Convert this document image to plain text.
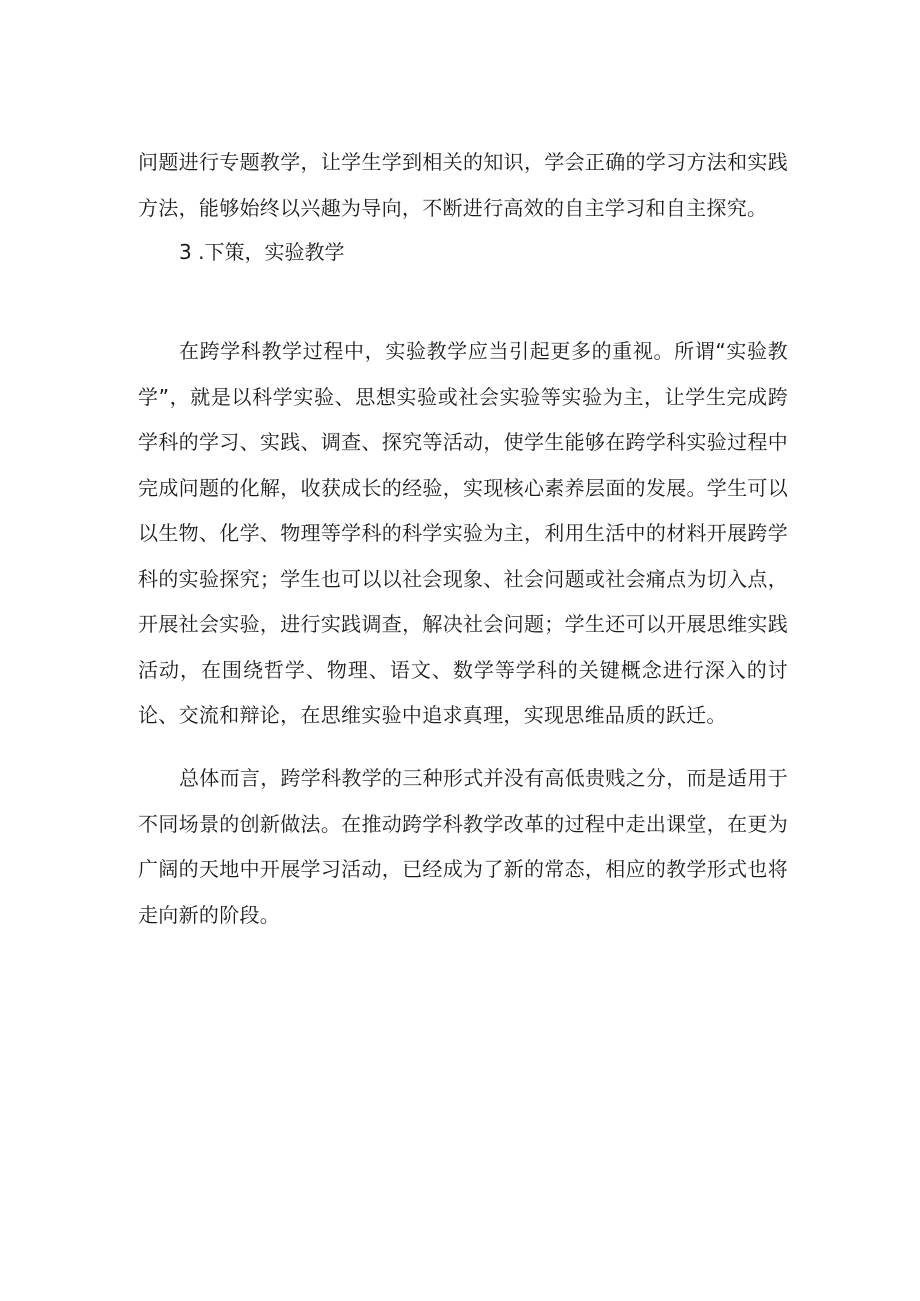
问题进行专题教学，让学生学到相关的知识，学会正确的学习方法和实践方法，能够始终以兴趣为导向，不断进行高效的自主学习和自主探究。

3 .下策，实验教学

在跨学科教学过程中，实验教学应当引起更多的重视。所谓“实验教学”，就是以科学实验、思想实验或社会实验等实验为主，让学生完成跨学科的学习、实践、调查、探究等活动，使学生能够在跨学科实验过程中完成问题的化解，收获成长的经验，实现核心素养层面的发展。学生可以以生物、化学、物理等学科的科学实验为主，利用生活中的材料开展跨学科的实验探究；学生也可以以社会现象、社会问题或社会痛点为切入点，开展社会实验，进行实践调查，解决社会问题；学生还可以开展思维实践活动，在围绕哲学、物理、语文、数学等学科的关键概念进行深入的讨论、交流和辩论，在思维实验中追求真理，实现思维品质的跃迁。

总体而言，跨学科教学的三种形式并没有高低贵贱之分，而是适用于不同场景的创新做法。在推动跨学科教学改革的过程中走出课堂，在更为广阔的天地中开展学习活动，已经成为了新的常态，相应的教学形式也将走向新的阶段。
